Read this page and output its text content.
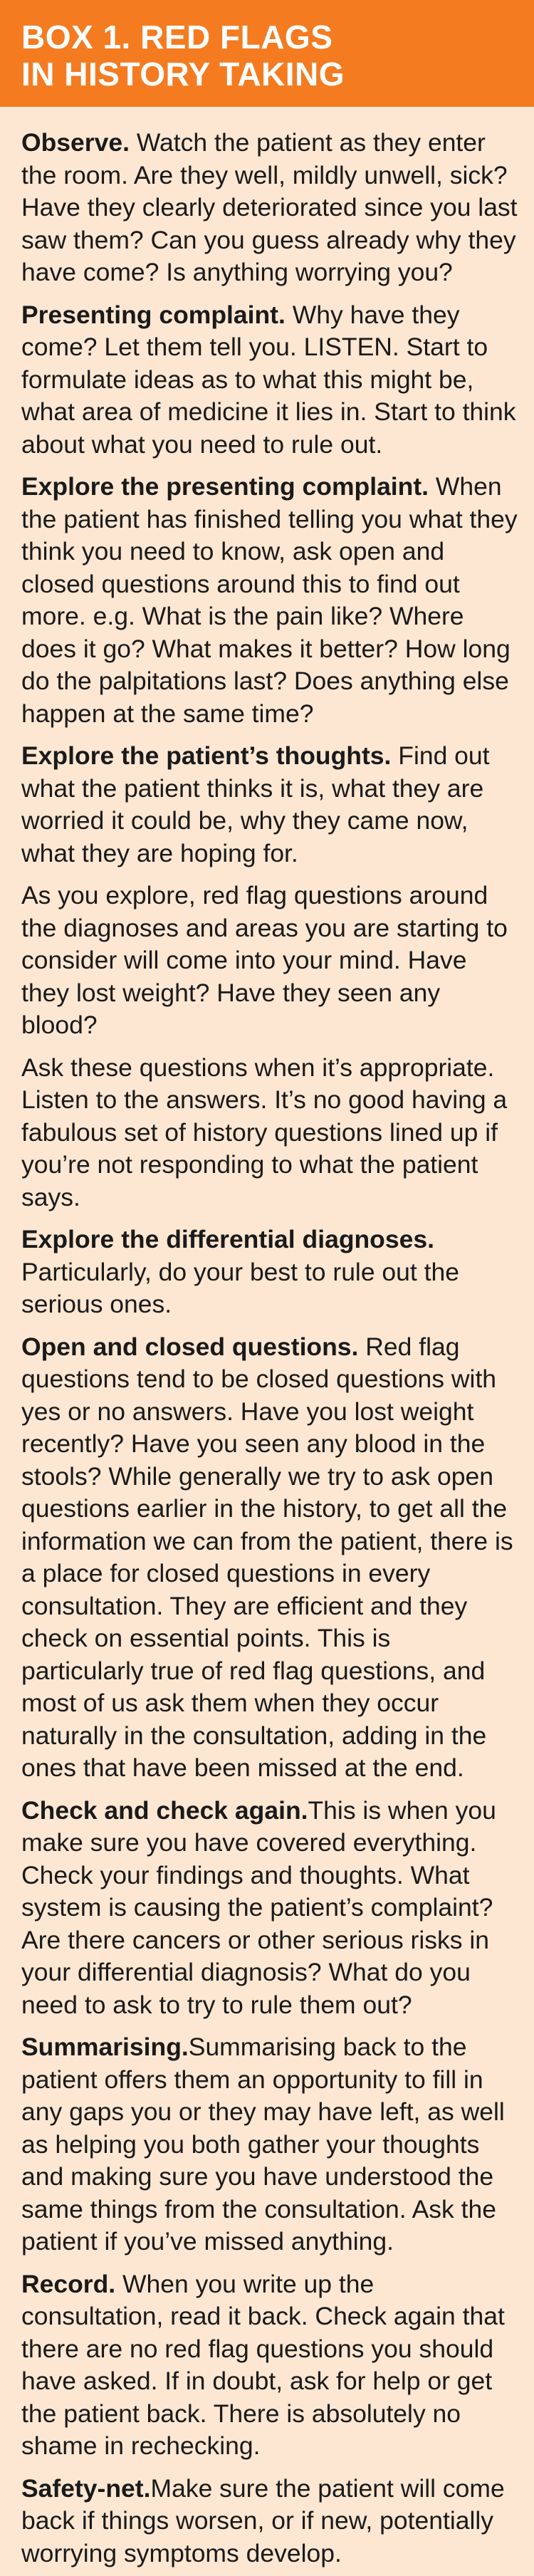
BOX 1. RED FLAGS
IN HISTORY TAKING

Observe. Watch the patient as they enter the room. Are they well, mildly unwell, sick? Have they clearly deteriorated since you last saw them? Can you guess already why they have come? Is anything worrying you?

Presenting complaint. Why have they come? Let them tell you. LISTEN. Start to formulate ideas as to what this might be, what area of medicine it lies in. Start to think about what you need to rule out.

Explore the presenting complaint. When the patient has finished telling you what they think you need to know, ask open and closed questions around this to find out more. e.g. What is the pain like? Where does it go? What makes it better? How long do the palpitations last? Does anything else happen at the same time?

Explore the patient’s thoughts. Find out what the patient thinks it is, what they are worried it could be, why they came now, what they are hoping for.

As you explore, red flag questions around the diagnoses and areas you are starting to consider will come into your mind. Have they lost weight? Have they seen any blood?

Ask these questions when it’s appropriate. Listen to the answers. It’s no good having a fabulous set of history questions lined up if you’re not responding to what the patient says.

Explore the differential diagnoses. Particularly, do your best to rule out the serious ones.

Open and closed questions. Red flag questions tend to be closed questions with yes or no answers. Have you lost weight recently? Have you seen any blood in the stools? While generally we try to ask open questions earlier in the history, to get all the information we can from the patient, there is a place for closed questions in every consultation. They are efficient and they check on essential points. This is particularly true of red flag questions, and most of us ask them when they occur naturally in the consultation, adding in the ones that have been missed at the end.

Check and check again.This is when you make sure you have covered everything. Check your findings and thoughts. What system is causing the patient’s complaint? Are there cancers or other serious risks in your differential diagnosis? What do you need to ask to try to rule them out?

Summarising.Summarising back to the patient offers them an opportunity to fill in any gaps you or they may have left, as well as helping you both gather your thoughts and making sure you have understood the same things from the consultation. Ask the patient if you’ve missed anything.

Record. When you write up the consultation, read it back. Check again that there are no red flag questions you should have asked. If in doubt, ask for help or get the patient back. There is absolutely no shame in rechecking.

Safety-net.Make sure the patient will come back if things worsen, or if new, potentially worrying symptoms develop.
